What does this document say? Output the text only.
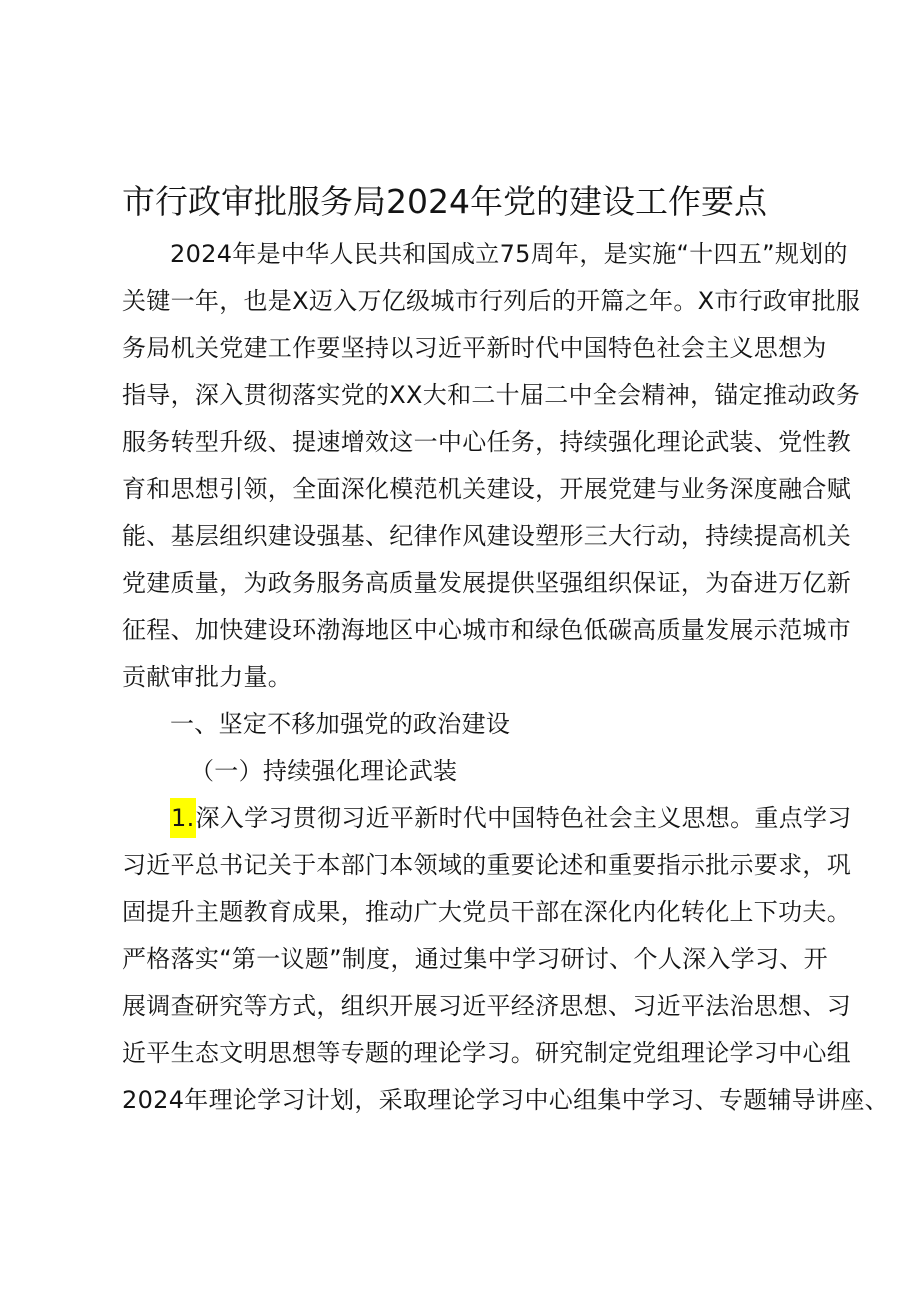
市行政审批服务局2024年党的建设工作要点
2024年是中华人民共和国成立75周年，是实施“十四五”规划的
关键一年，也是X迈入万亿级城市行列后的开篇之年。X市行政审批服
务局机关党建工作要坚持以习近平新时代中国特色社会主义思想为
指导，深入贯彻落实党的XX大和二十届二中全会精神，锚定推动政务
服务转型升级、提速增效这一中心任务，持续强化理论武装、党性教
育和思想引领，全面深化模范机关建设，开展党建与业务深度融合赋
能、基层组织建设强基、纪律作风建设塑形三大行动，持续提高机关
党建质量，为政务服务高质量发展提供坚强组织保证，为奋进万亿新
征程、加快建设环渤海地区中心城市和绿色低碳高质量发展示范城市
贡献审批力量。
一、坚定不移加强党的政治建设
（一）持续强化理论武装
1.深入学习贯彻习近平新时代中国特色社会主义思想。重点学习
习近平总书记关于本部门本领域的重要论述和重要指示批示要求，巩
固提升主题教育成果，推动广大党员干部在深化内化转化上下功夫。
严格落实“第一议题”制度，通过集中学习研讨、个人深入学习、开
展调查研究等方式，组织开展习近平经济思想、习近平法治思想、习
近平生态文明思想等专题的理论学习。研究制定党组理论学习中心组
2024年理论学习计划，采取理论学习中心组集中学习、专题辅导讲座、
